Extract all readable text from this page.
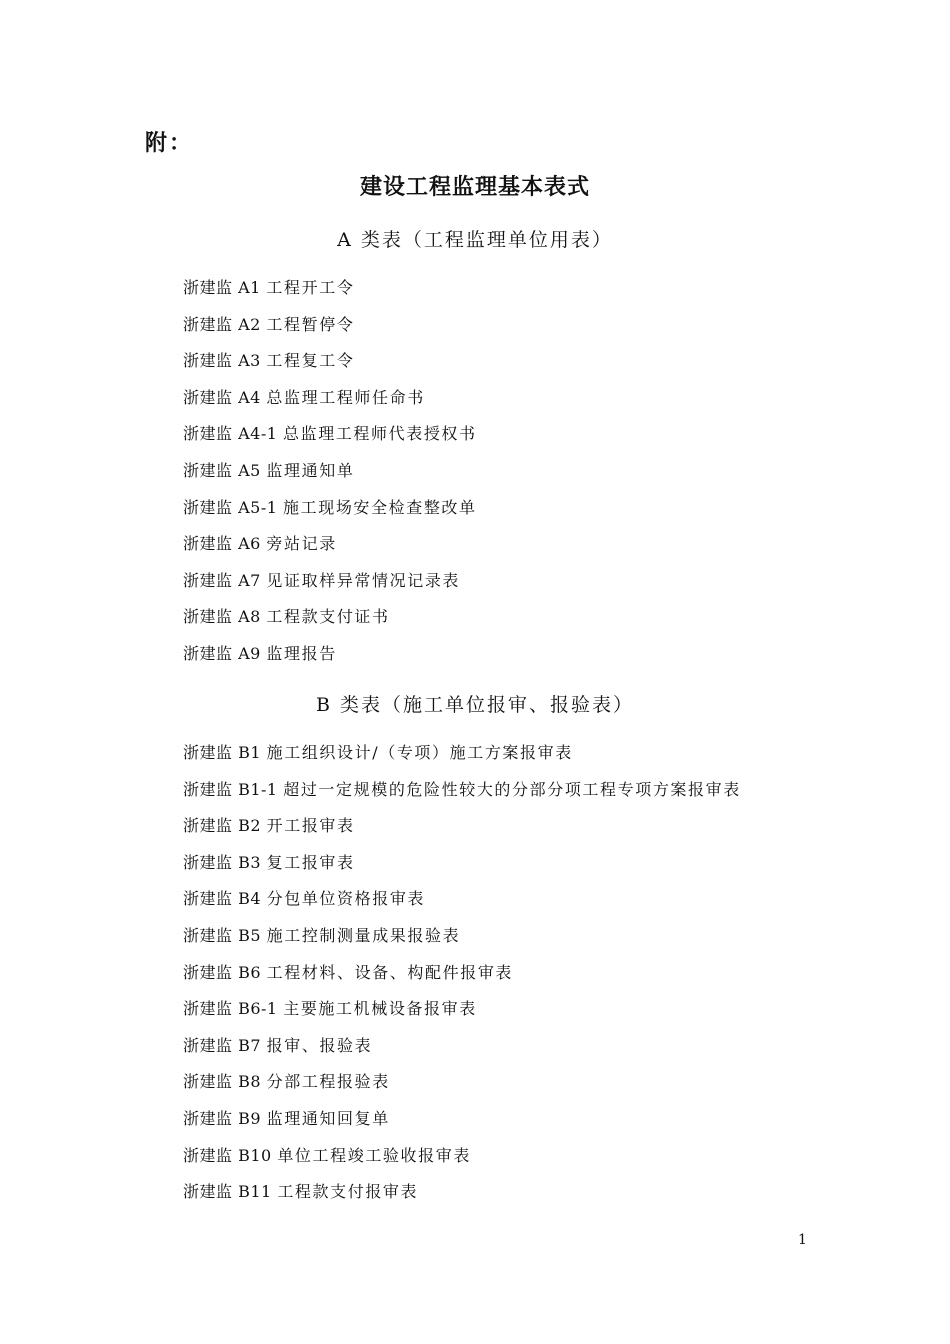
附：
建设工程监理基本表式
A 类表（工程监理单位用表）
浙建监 A1 工程开工令
浙建监 A2 工程暂停令
浙建监 A3 工程复工令
浙建监 A4 总监理工程师任命书
浙建监 A4-1 总监理工程师代表授权书
浙建监 A5 监理通知单
浙建监 A5-1 施工现场安全检查整改单
浙建监 A6 旁站记录
浙建监 A7 见证取样异常情况记录表
浙建监 A8 工程款支付证书
浙建监 A9 监理报告
B 类表（施工单位报审、报验表）
浙建监 B1 施工组织设计/（专项）施工方案报审表
浙建监 B1-1 超过一定规模的危险性较大的分部分项工程专项方案报审表
浙建监 B2 开工报审表
浙建监 B3 复工报审表
浙建监 B4 分包单位资格报审表
浙建监 B5 施工控制测量成果报验表
浙建监 B6 工程材料、设备、构配件报审表
浙建监 B6-1 主要施工机械设备报审表
浙建监 B7 报审、报验表
浙建监 B8 分部工程报验表
浙建监 B9 监理通知回复单
浙建监 B10 单位工程竣工验收报审表
浙建监 B11 工程款支付报审表
1
